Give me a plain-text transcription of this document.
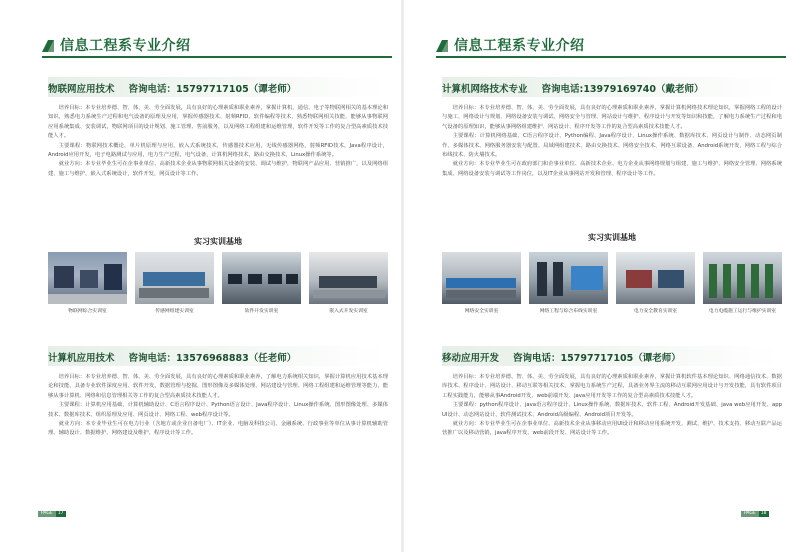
信息工程系专业介绍
物联网应用技术 咨询电话：15797717105（谭老师）

培养目标：本专业培养德、智、体、美、劳全面发展，具有良好的心理素质和职业素养，掌握计算机、通信、电子等物联网相关的基本理论和知识，熟悉电力系统生产过程和电气设备的原理及应用，掌握传感器技术、射频RFID、软件编程等技术，熟悉物联网相关技能，能够从事物联网应用系统集成、安装调试，物联网项目的设计规划、施工管理、售前服务，以及网络工程组建和运维管理，软件开发等工作的复合型高素质技术技能人才。

主要课程：物联网技术概论，单片机原理与应用，嵌入式系统技术，传感器技术应用，无线传感器网络，射频RFID技术，Java程序设计，Android应用开发，电子电路测试与应用，电力生产过程，电气设备，计算机网络技术，路由交换技术，Linux操作系统等。

就业方向：本专业毕业生可在企事业单位、高新技术企业从事物联网相关设备的安装、调试与维护，物联网产品应用、营销推广，以及网络组建、施工与维护，嵌入式系统设计，软件开发，网页设计等工作。

实习实训基地
物联网综合实训室	传感网组建实训室	软件开发实训室	嵌入式开发实训室
计算机应用技术 咨询电话：13576968883（任老师）

培养目标：本专业培养德、智、体、美、劳全面发展，具有良好的心理素质和职业素养，了解电力系统相关知识，掌握计算机应用技术基本理论和技能，具备专业软件深度应用、软件开发、数据管理与挖掘、图形图像及多媒体处理、网站建设与管理、网络工程组建和运维管理等能力，能够从事计算机、网络和信息管理相关等工作的复合型高素质技术技能人才。

主要课程：计算机应用基础、计算机辅助设计、C语言程序设计、Python语言设计、Java程序设计、Linux操作系统、图形图像处理、多媒体技术、数据库技术、组织原理及应用、网页设计、网络工程、web程序设计等。

就业方向：本专业毕业生可在电力行业（含地方或企业自备电厂）、IT企业、电脑及科技公司、金融系统、行政事业等单位从事计算机辅助管理、辅助设计、数据维护、网络建设及维护、程序设计等工作。

PAGE	17
信息工程系专业介绍
计算机网络技术专业 咨询电话:13979169740（戴老师）

培养目标：本专业培养德、智、体、美、劳全面发展，具有良好的心理素质和职业素养，掌握计算机网络技术理论知识，掌握网络工程的设计与施工、网络设计与规划、网络设备安装与调试、网络安全与管理、网站设计与维护、程序设计与开发等知识和技能，了解电力系统生产过程和电气设备的原理知识，能够从事网络组建维护、网站设计、程序开发等工作的复合型高素质技术技能人才。

主要课程：计算机网络基础、C语言程序设计、Python编程、Java程序设计、Linux操作系统、数据库技术、网页设计与制作、动态网页制作、多媒体技术、网络服务器安装与配置、局域网组建技术、路由交换技术、网络安全技术、网络互联设备、Android系统开发、网络工程与综合布线技术、防火墙技术。

就业方向：本专业毕业生可在政府部门和企事业单位、高新技术企业、电力企业从事网络规划与组建、施工与维护、网络安全管理、网络系统集成、网络设备安装与调试等工作岗位，以及IT企业从事网站开发和管理、程序设计等工作。

实习实训基地
网络安全实训室	网络工程与综合布线实训室	电力安全教育实训室	电力电缆施工运行与维护实训室
移动应用开发 咨询电话：15797717105（谭老师）

培养目标：本专业培养德、智、体、美、劳全面发展，具有良好的心理素质和职业素养，掌握计算机软件基本理论知识、网络通信技术、数据库技术、程序设计、网站设计、移动互联等相关技术，掌握电力系统生产过程，具备业务界主流的移动互联网应用设计与开发技能，具有软件项目工程实践能力，能够从事Android开发、web前端开发、java应用开发等工作的复合型高素质技术技能人才。

主要课程：python程序设计、java语言程序设计、Linux操作系统、数据库技术、软件工程、Android开发基础、java web应用开发、app UI设计、动态网站设计、软件测试技术、Android高级编程、Android项目开发等。

就业方向：本专业毕业生可在企事业单位、高新技术企业从事移动应用UI设计和移动应用系统开发、测试、维护、技术支持、移动互联产品运营推广以及移动营销，java程序开发、web前段开发、网站设计等工作。

PAGE	18
